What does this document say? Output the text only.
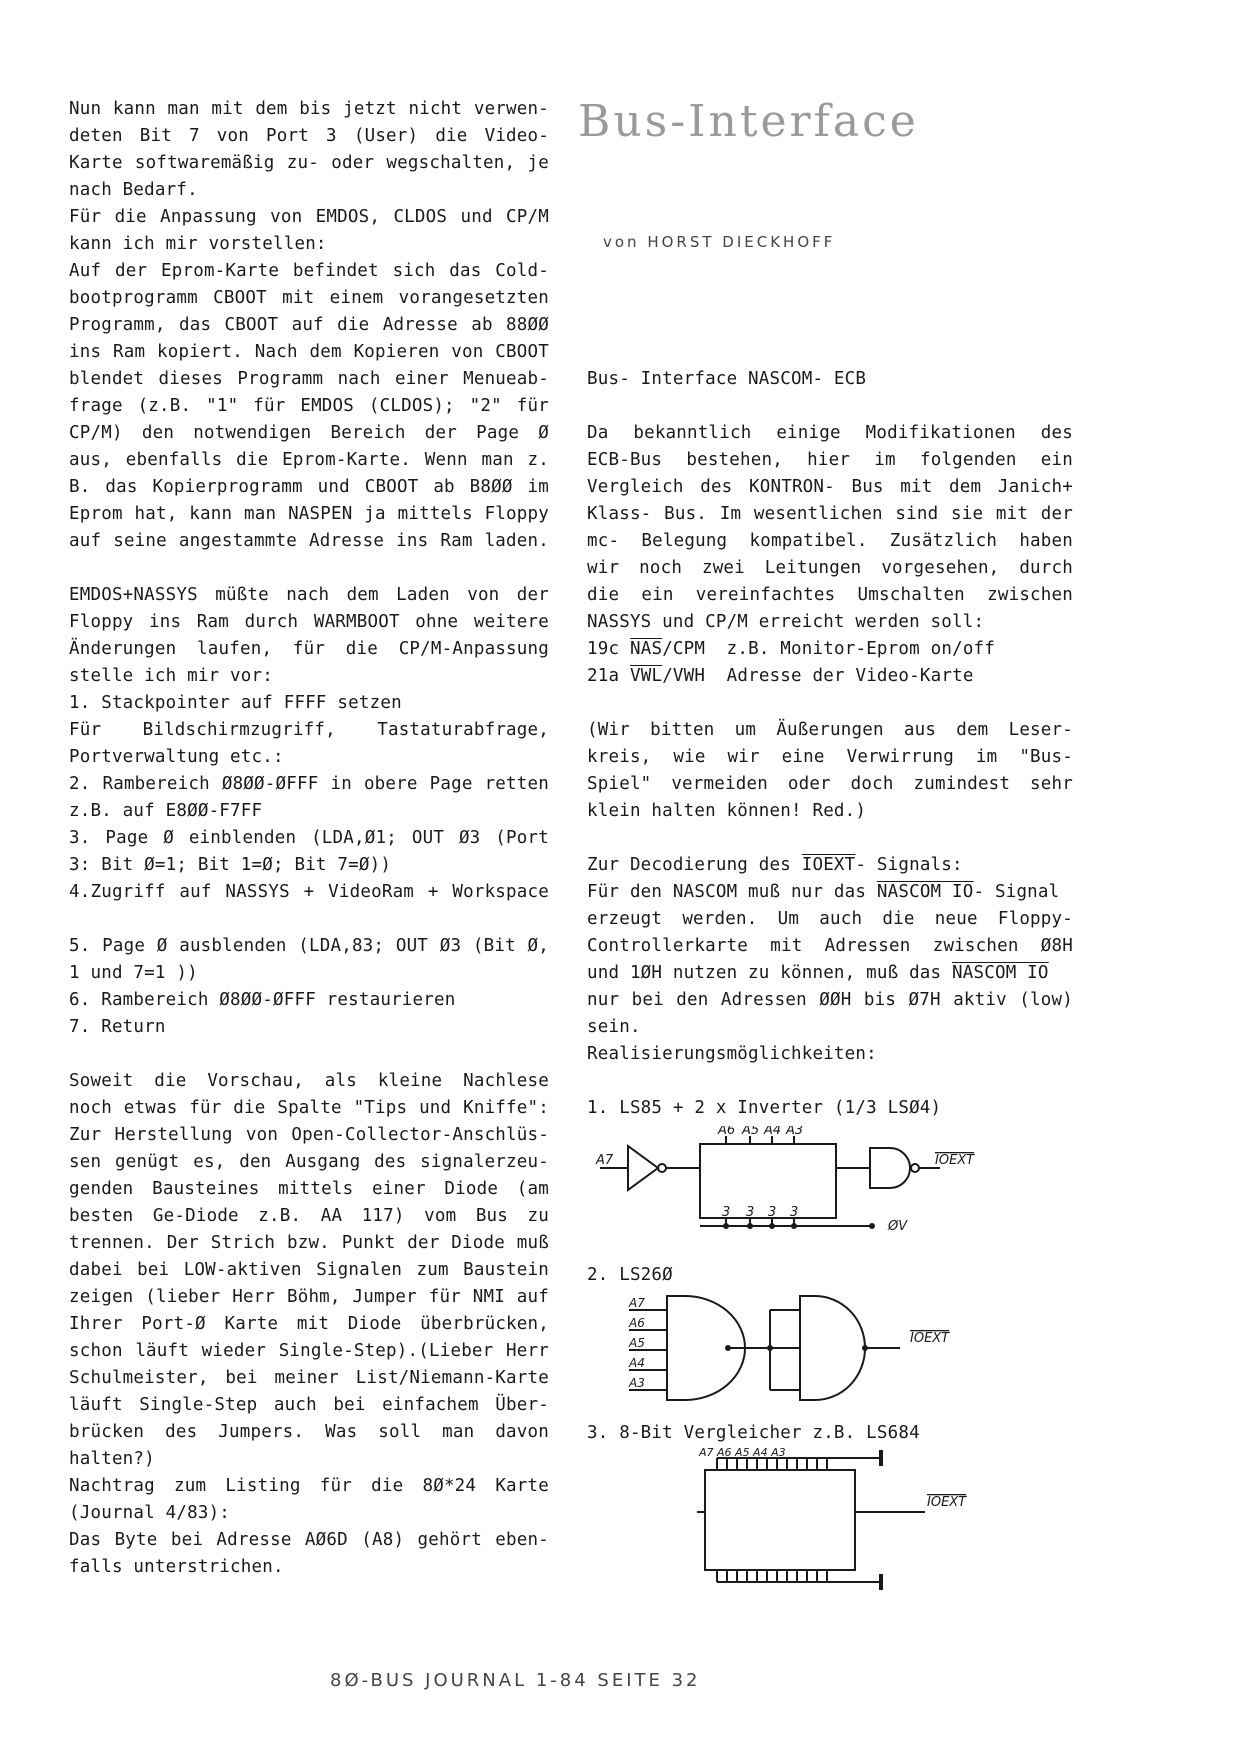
Bus-Interface
von HORST DIECKHOFF
Nun kann man mit dem bis jetzt nicht verwen-
deten Bit 7 von Port 3 (User) die Video-
Karte softwaremäßig zu- oder wegschalten, je
nach Bedarf.
Für die Anpassung von EMDOS, CLDOS und CP/M
kann ich mir vorstellen:
Auf der Eprom-Karte befindet sich das Cold-
bootprogramm CBOOT mit einem vorangesetzten
Programm, das CBOOT auf die Adresse ab 88ØØ
ins Ram kopiert. Nach dem Kopieren von CBOOT
blendet dieses Programm nach einer Menueab-
frage (z.B. "1" für EMDOS (CLDOS); "2" für
CP/M) den notwendigen Bereich der Page Ø
aus, ebenfalls die Eprom-Karte. Wenn man z.
B. das Kopierprogramm und CBOOT ab B8ØØ im
Eprom hat, kann man NASPEN ja mittels Floppy
auf seine angestammte Adresse ins Ram laden.
EMDOS+NASSYS müßte nach dem Laden von der
Floppy ins Ram durch WARMBOOT ohne weitere
Änderungen laufen, für die CP/M-Anpassung
stelle ich mir vor:
1. Stackpointer auf FFFF setzen
Für Bildschirmzugriff, Tastaturabfrage,
Portverwaltung etc.:
2. Rambereich Ø8ØØ-ØFFF in obere Page retten
z.B. auf E8ØØ-F7FF
3. Page Ø einblenden (LDA,Ø1; OUT Ø3 (Port
3: Bit Ø=1; Bit 1=Ø; Bit 7=Ø))
4.Zugriff auf NASSYS + VideoRam + Workspace
5. Page Ø ausblenden (LDA,83; OUT Ø3 (Bit Ø,
1 und 7=1 ))
6. Rambereich Ø8ØØ-ØFFF restaurieren
7. Return
Soweit die Vorschau, als kleine Nachlese
noch etwas für die Spalte "Tips und Kniffe":
Zur Herstellung von Open-Collector-Anschlüs-
sen genügt es, den Ausgang des signalerzeu-
genden Bausteines mittels einer Diode (am
besten Ge-Diode z.B. AA 117) vom Bus zu
trennen. Der Strich bzw. Punkt der Diode muß
dabei bei LOW-aktiven Signalen zum Baustein
zeigen (lieber Herr Böhm, Jumper für NMI auf
Ihrer Port-Ø Karte mit Diode überbrücken,
schon läuft wieder Single-Step).(Lieber Herr
Schulmeister, bei meiner List/Niemann-Karte
läuft Single-Step auch bei einfachem Über-
brücken des Jumpers. Was soll man davon
halten?)
Nachtrag zum Listing für die 8Ø*24 Karte
(Journal 4/83):
Das Byte bei Adresse AØ6D (A8) gehört eben-
falls unterstrichen.
Bus- Interface NASCOM- ECB
Da bekanntlich einige Modifikationen des
ECB-Bus bestehen, hier im folgenden ein
Vergleich des KONTRON- Bus mit dem Janich+
Klass- Bus. Im wesentlichen sind sie mit der
mc- Belegung kompatibel. Zusätzlich haben
wir noch zwei Leitungen vorgesehen, durch
die ein vereinfachtes Umschalten zwischen
NASSYS und CP/M erreicht werden soll:
19c $\overline{NAS}$/CPM z.B. Monitor-Eprom on/off
21a $\overline{VWL}$/VWH Adresse der Video-Karte
(Wir bitten um Äußerungen aus dem Leser-
kreis, wie wir eine Verwirrung im "Bus-
Spiel" vermeiden oder doch zumindest sehr
klein halten können! Red.)
Zur Decodierung des IOEXT- Signals:
Für den NASCOM muß nur das NASCOM IO- Signal
erzeugt werden. Um auch die neue Floppy-
Controllerkarte mit Adressen zwischen Ø8H
und 1ØH nutzen zu können, muß das NASCOM IO
nur bei den Adressen ØØH bis Ø7H aktiv (low)
sein.
Realisierungsmöglichkeiten:
1. LS85 + 2 x Inverter (1/3 LSØ4)
A7
A6 A5 A4 A3
3 3 3 3
ØV
IOEXT
2. LS26Ø
A7
A6
A5
A4
A3
IOEXT
3. 8-Bit Vergleicher z.B. LS684
A7 A6 A5 A4 A3
IOEXT
8Ø-BUS JOURNAL 1-84 SEITE 32
